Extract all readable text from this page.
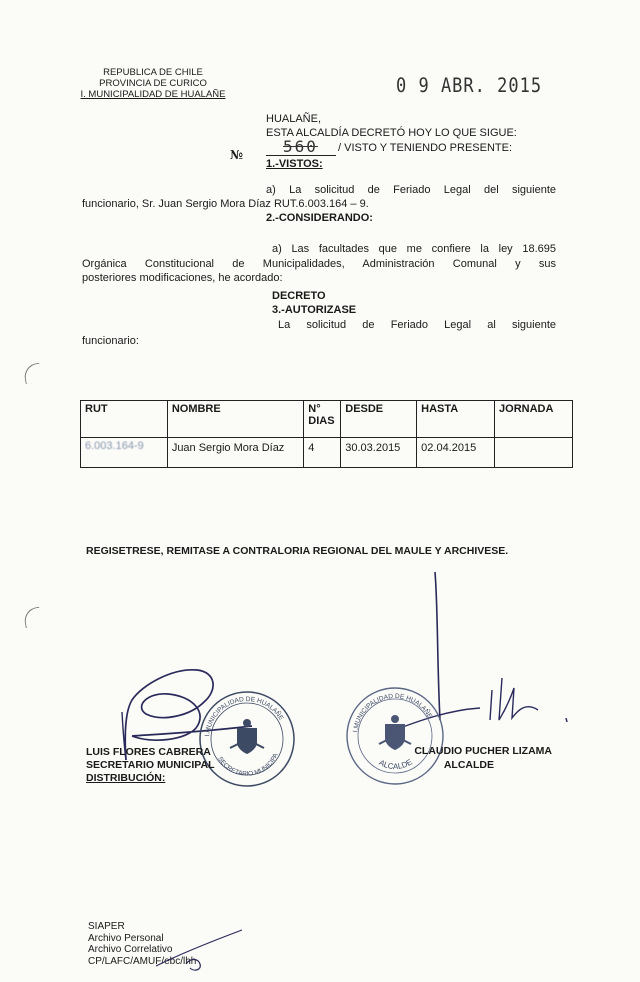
REPUBLICA DE CHILE
PROVINCIA DE CURICO
I. MUNICIPALIDAD DE HUALAÑE	0 9 ABR. 2015
HUALAÑE,
ESTA ALCALDÍA DECRETÓ HOY LO QUE SIGUE:
№ 560 / VISTO Y TENIENDO PRESENTE:
1.-VISTOS:
a) La solicitud de Feriado Legal del siguiente
funcionario, Sr. Juan Sergio Mora Díaz RUT.6.003.164 – 9.
2.-CONSIDERANDO:
a) Las facultades que me confiere la ley 18.695
Orgánica Constitucional de Municipalidades, Administración Comunal y sus
posteriores modificaciones, he acordado:
DECRETO
3.-AUTORIZASE
La solicitud de Feriado Legal al siguiente
funcionario:
RUT	NOMBRE	N° DIAS	DESDE	HASTA	JORNADA
6.003.164-9	Juan Sergio Mora Díaz	4	30.03.2015	02.04.2015	
REGISETRESE, REMITASE A CONTRALORIA REGIONAL DEL MAULE Y ARCHIVESE.
I.MUNICIPALIDAD DE HUALAÑE
ALCALDE
I.MUNICIPALIDAD DE HUALAÑE
SECRETARIO MUNICIPA
LUIS FLORES CABRERA
SECRETARIO MUNICIPAL
DISTRIBUCIÓN:
CLAUDIO PUCHER LIZAMA
ALCALDE
SIAPER
Archivo Personal
Archivo Correlativo
CP/LAFC/AMUF/ebc/lhh
